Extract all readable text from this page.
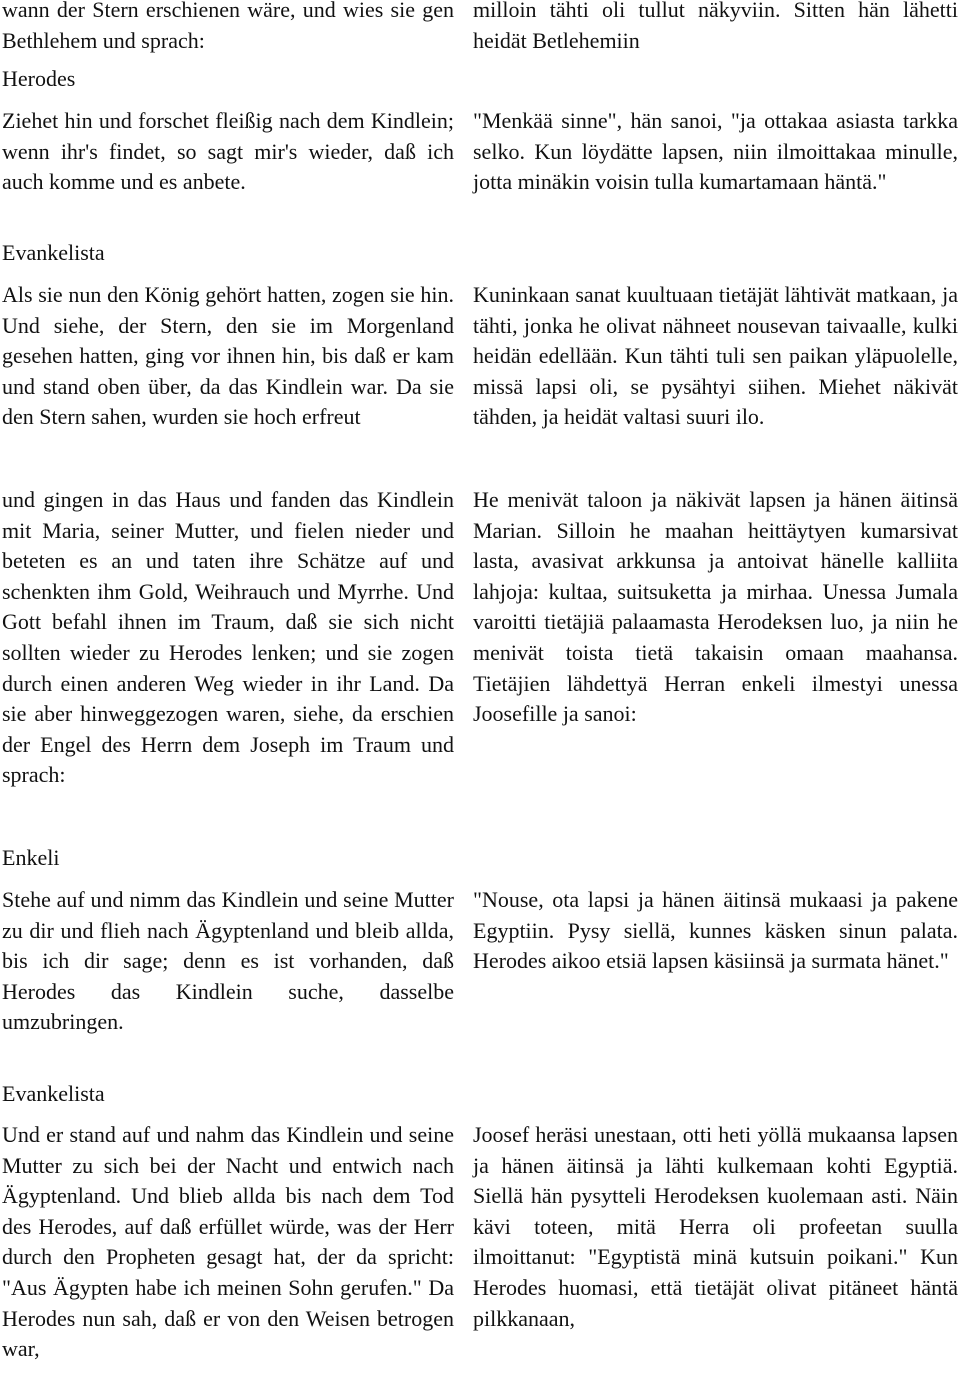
wann der Stern erschienen wäre, und wies sie gen Bethlehem und sprach:

Herodes

Ziehet hin und forschet fleißig nach dem Kindlein; wenn ihr's findet, so sagt mir's wieder, daß ich auch komme und es anbete.

Evankelista

Als sie nun den König gehört hatten, zogen sie hin. Und siehe, der Stern, den sie im Morgenland gesehen hatten, ging vor ihnen hin, bis daß er kam und stand oben über, da das Kindlein war. Da sie den Stern sahen, wurden sie hoch erfreut

und gingen in das Haus und fanden das Kindlein mit Maria, seiner Mutter, und fielen nieder und beteten es an und taten ihre Schätze auf und schenkten ihm Gold, Weihrauch und Myrrhe. Und Gott befahl ihnen im Traum, daß sie sich nicht sollten wieder zu Herodes lenken; und sie zogen durch einen anderen Weg wieder in ihr Land. Da sie aber hinweggezogen waren, siehe, da erschien der Engel des Herrn dem Joseph im Traum und sprach:

Enkeli

Stehe auf und nimm das Kindlein und seine Mutter zu dir und flieh nach Ägyptenland und bleib allda, bis ich dir sage; denn es ist vorhanden, daß Herodes das Kindlein suche, dasselbe umzubringen.

Evankelista

Und er stand auf und nahm das Kindlein und seine Mutter zu sich bei der Nacht und entwich nach Ägyptenland. Und blieb allda bis nach dem Tod des Herodes, auf daß erfüllet würde, was der Herr durch den Propheten gesagt hat, der da spricht: "Aus Ägypten habe ich meinen Sohn gerufen." Da Herodes nun sah, daß er von den Weisen betrogen war,

milloin tähti oli tullut näkyviin. Sitten hän lähetti heidät Betlehemiin

"Menkää sinne", hän sanoi, "ja ottakaa asiasta tarkka selko. Kun löydätte lapsen, niin ilmoittakaa minulle, jotta minäkin voisin tulla kumartamaan häntä."

Kuninkaan sanat kuultuaan tietäjät lähtivät matkaan, ja tähti, jonka he olivat nähneet nousevan taivaalle, kulki heidän edellään. Kun tähti tuli sen paikan yläpuolelle, missä lapsi oli, se pysähtyi siihen. Miehet näkivät tähden, ja heidät valtasi suuri ilo.

He menivät taloon ja näkivät lapsen ja hänen äitinsä Marian. Silloin he maahan heittäytyen kumarsivat lasta, avasivat arkkunsa ja antoivat hänelle kalliita lahjoja: kultaa, suitsuketta ja mirhaa. Unessa Jumala varoitti tietäjiä palaamasta Herodeksen luo, ja niin he menivät toista tietä takaisin omaan maahansa. Tietäjien lähdettyä Herran enkeli ilmestyi unessa Joosefille ja sanoi:

"Nouse, ota lapsi ja hänen äitinsä mukaasi ja pakene Egyptiin. Pysy siellä, kunnes käsken sinun palata. Herodes aikoo etsiä lapsen käsiinsä ja surmata hänet."

Joosef heräsi unestaan, otti heti yöllä mukaansa lapsen ja hänen äitinsä ja lähti kulkemaan kohti Egyptiä. Siellä hän pysytteli Herodeksen kuolemaan asti. Näin kävi toteen, mitä Herra oli profeetan suulla ilmoittanut: "Egyptistä minä kutsuin poikani." Kun Herodes huomasi, että tietäjät olivat pitäneet häntä pilkkanaan,
